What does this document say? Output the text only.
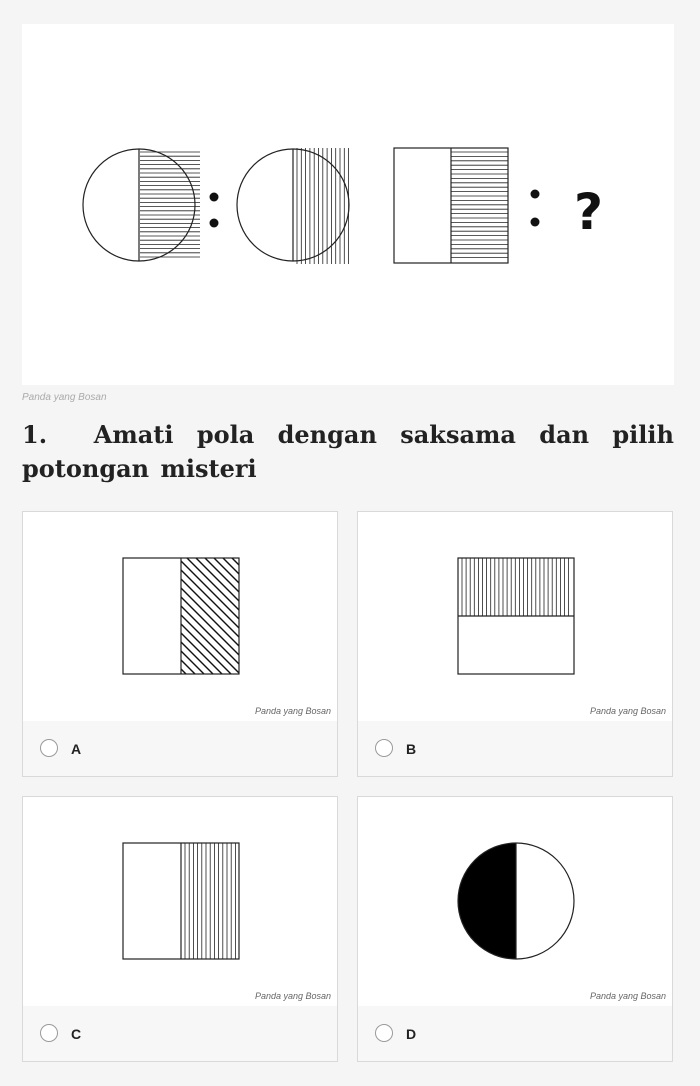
?
Panda yang Bosan
1. Amati pola dengan saksama dan pilih potongan misteri
Panda yang Bosan
A
Panda yang Bosan
B
Panda yang Bosan
C
Panda yang Bosan
D
